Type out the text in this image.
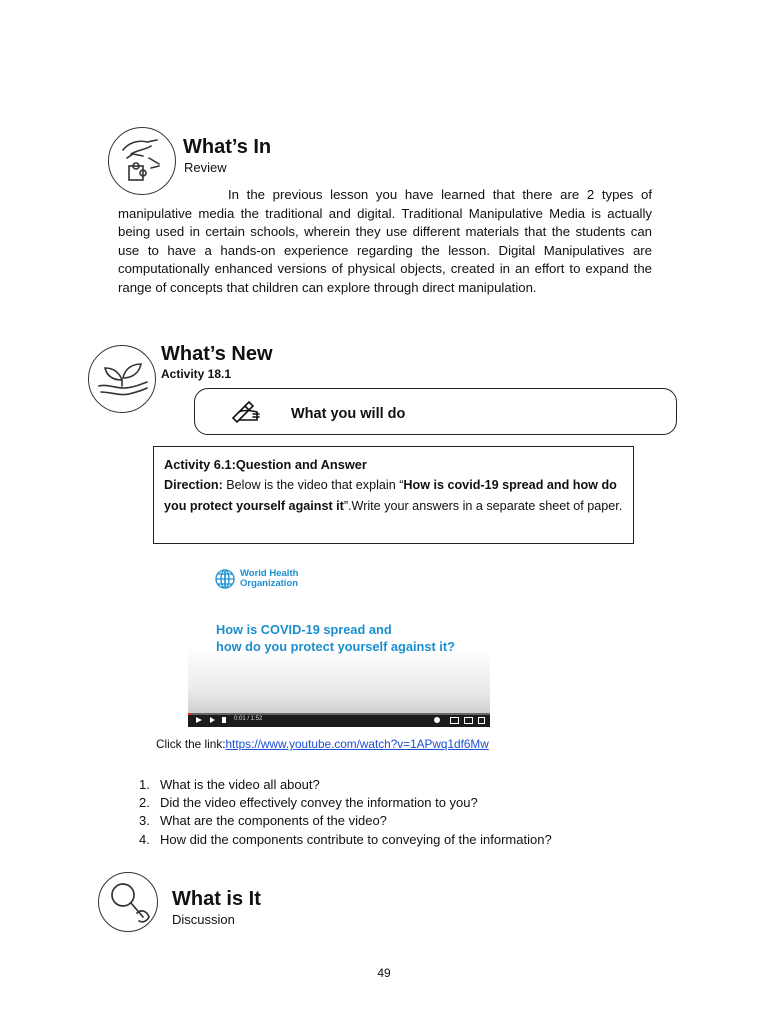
What’s In
Review
In the previous lesson you have learned that there are 2 types of manipulative media the traditional and digital. Traditional Manipulative Media is actually being used in certain schools, wherein they use different materials that the students can use to have a hands-on experience regarding the lesson. Digital Manipulatives are computationally enhanced versions of physical objects, created in an effort to expand the range of concepts that children can explore through direct manipulation.
What’s New
Activity 18.1
What you will do
Activity 6.1:Question and Answer
Direction: Below is the video that explain “How is covid-19 spread and how do you protect yourself against it”.Write your answers in a separate sheet of paper.
World Health
Organization
How is COVID-19 spread and
how do you protect yourself against it?
0:01 / 1:52
Click the link:https://www.youtube.com/watch?v=1APwq1df6Mw
1. What is the video all about?
2. Did the video effectively convey the information to you?
3. What are the components of the video?
4. How did the components contribute to conveying of the information?
What is It
Discussion
49
